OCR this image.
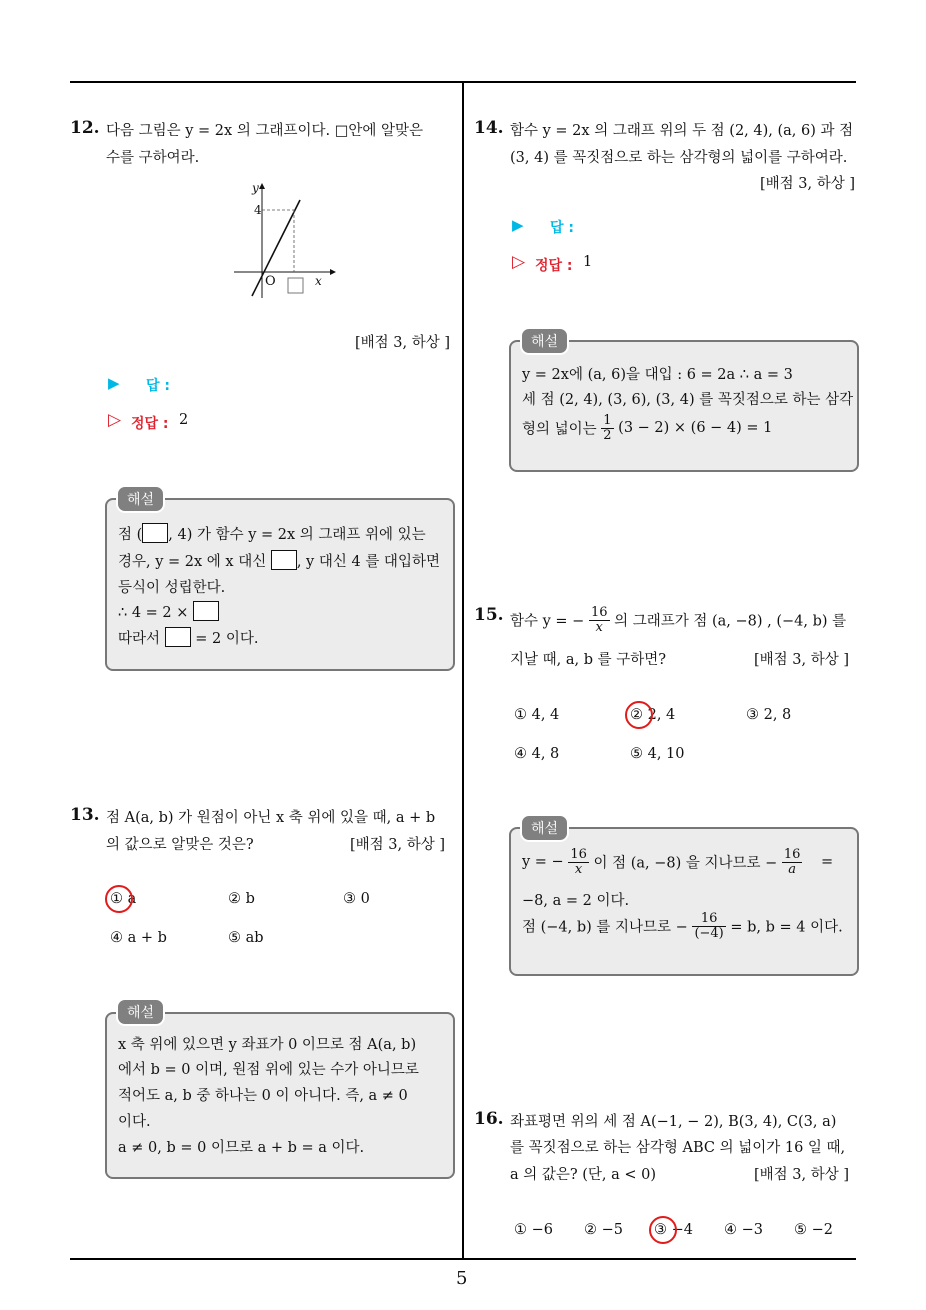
5
12. 다음 그림은 y = 2x 의 그래프이다. □안에 알맞은
수를 구하여라.
y
4
O	x
[배점 3, 하상 ]
▶ 답 :
▷ 정답 : 2
해설
점 ( , 4) 가 함수 y = 2x 의 그래프 위에 있는
경우, y = 2x 에 x 대신 , y 대신 4 를 대입하면
등식이 성립한다.
∴ 4 = 2 ×
따라서 = 2 이다.
13. 점 A(a, b) 가 원점이 아닌 x 축 위에 있을 때, a + b
의 값으로 알맞은 것은?	[배점 3, 하상 ]
① a	② b	③ 0
④ a + b	⑤ ab
해설
x 축 위에 있으면 y 좌표가 0 이므로 점 A(a, b)
에서 b = 0 이며, 원점 위에 있는 수가 아니므로
적어도 a, b 중 하나는 0 이 아니다. 즉, a ≠ 0
이다.
a ≠ 0, b = 0 이므로 a + b = a 이다.
14. 함수 y = 2x 의 그래프 위의 두 점 (2, 4), (a, 6) 과 점
(3, 4) 를 꼭짓점으로 하는 삼각형의 넓이를 구하여라.
[배점 3, 하상 ]
▶ 답 :
▷ 정답 : 1
해설
y = 2x에 (a, 6)을 대입 : 6 = 2a ∴ a = 3
세 점 (2, 4), (3, 6), (3, 4) 를 꼭짓점으로 하는 삼각
형의 넓이는 $\frac{1}{2} (3 - 2) \times (6 - 4) = 1$
15. 함수 y = − $\frac{16}{x}$ 의 그래프가 점 (a, −8) , (−4, b) 를
지날 때, a, b 를 구하면?	[배점 3, 하상 ]
① 4, 4	② 2, 4	③ 2, 8
④ 4, 8	⑤ 4, 10
해설
y = − $\frac{16}{x}$ 이 점 (a, −8) 을 지나므로 − $\frac{16}{a}$ =
−8, a = 2 이다.
점 (−4, b) 를 지나므로 − $\frac{16}{(-4)} = b$, b = 4 이다.
16. 좌표평면 위의 세 점 A(−1, − 2), B(3, 4), C(3, a)
를 꼭짓점으로 하는 삼각형 ABC 의 넓이가 16 일 때,
a 의 값은? (단, a < 0)	[배점 3, 하상 ]
① −6 ② −5 ③ −4 ④ −3 ⑤ −2
